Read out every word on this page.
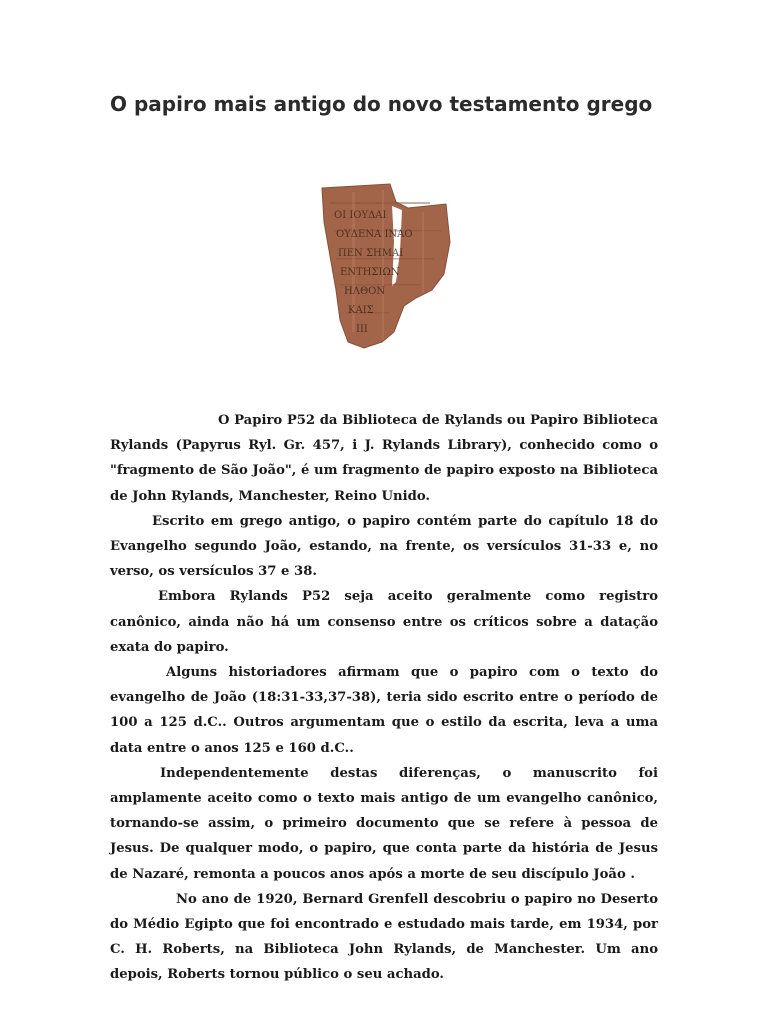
O papiro mais antigo do novo testamento grego
ΟΙ ΙΟΥΔΑΙ
ΟΥΔΕΝΑ ΙΝΑΟ
ΠΕΝ ΣΗΜΑΙ
ΕΝΤΗΣΙΩΝ
ΗΛΘΟΝ
ΚΑΙΣ
ΙΙΙ

O Papiro P52 da Biblioteca de Rylands ou Papiro Biblioteca Rylands (Papyrus Ryl. Gr. 457, i J. Rylands Library), conhecido como o "fragmento de São João", é um fragmento de papiro exposto na Biblioteca de John Rylands, Manchester, Reino Unido.

Escrito em grego antigo, o papiro contém parte do capítulo 18 do Evangelho segundo João, estando, na frente, os versículos 31-33 e, no verso, os versículos 37 e 38.

Embora Rylands P52 seja aceito geralmente como registro canônico, ainda não há um consenso entre os críticos sobre a datação exata do papiro.

Alguns historiadores afirmam que o papiro com o texto do evangelho de João (18:31-33,37-38), teria sido escrito entre o período de 100 a 125 d.C.. Outros argumentam que o estilo da escrita, leva a uma data entre o anos 125 e 160 d.C..

Independentemente destas diferenças, o manuscrito foi amplamente aceito como o texto mais antigo de um evangelho canônico, tornando-se assim, o primeiro documento que se refere à pessoa de Jesus. De qualquer modo, o papiro, que conta parte da história de Jesus de Nazaré, remonta a poucos anos após a morte de seu discípulo João .

No ano de 1920, Bernard Grenfell descobriu o papiro no Deserto do Médio Egipto que foi encontrado e estudado mais tarde, em 1934, por C. H. Roberts, na Biblioteca John Rylands, de Manchester. Um ano depois, Roberts tornou público o seu achado.
